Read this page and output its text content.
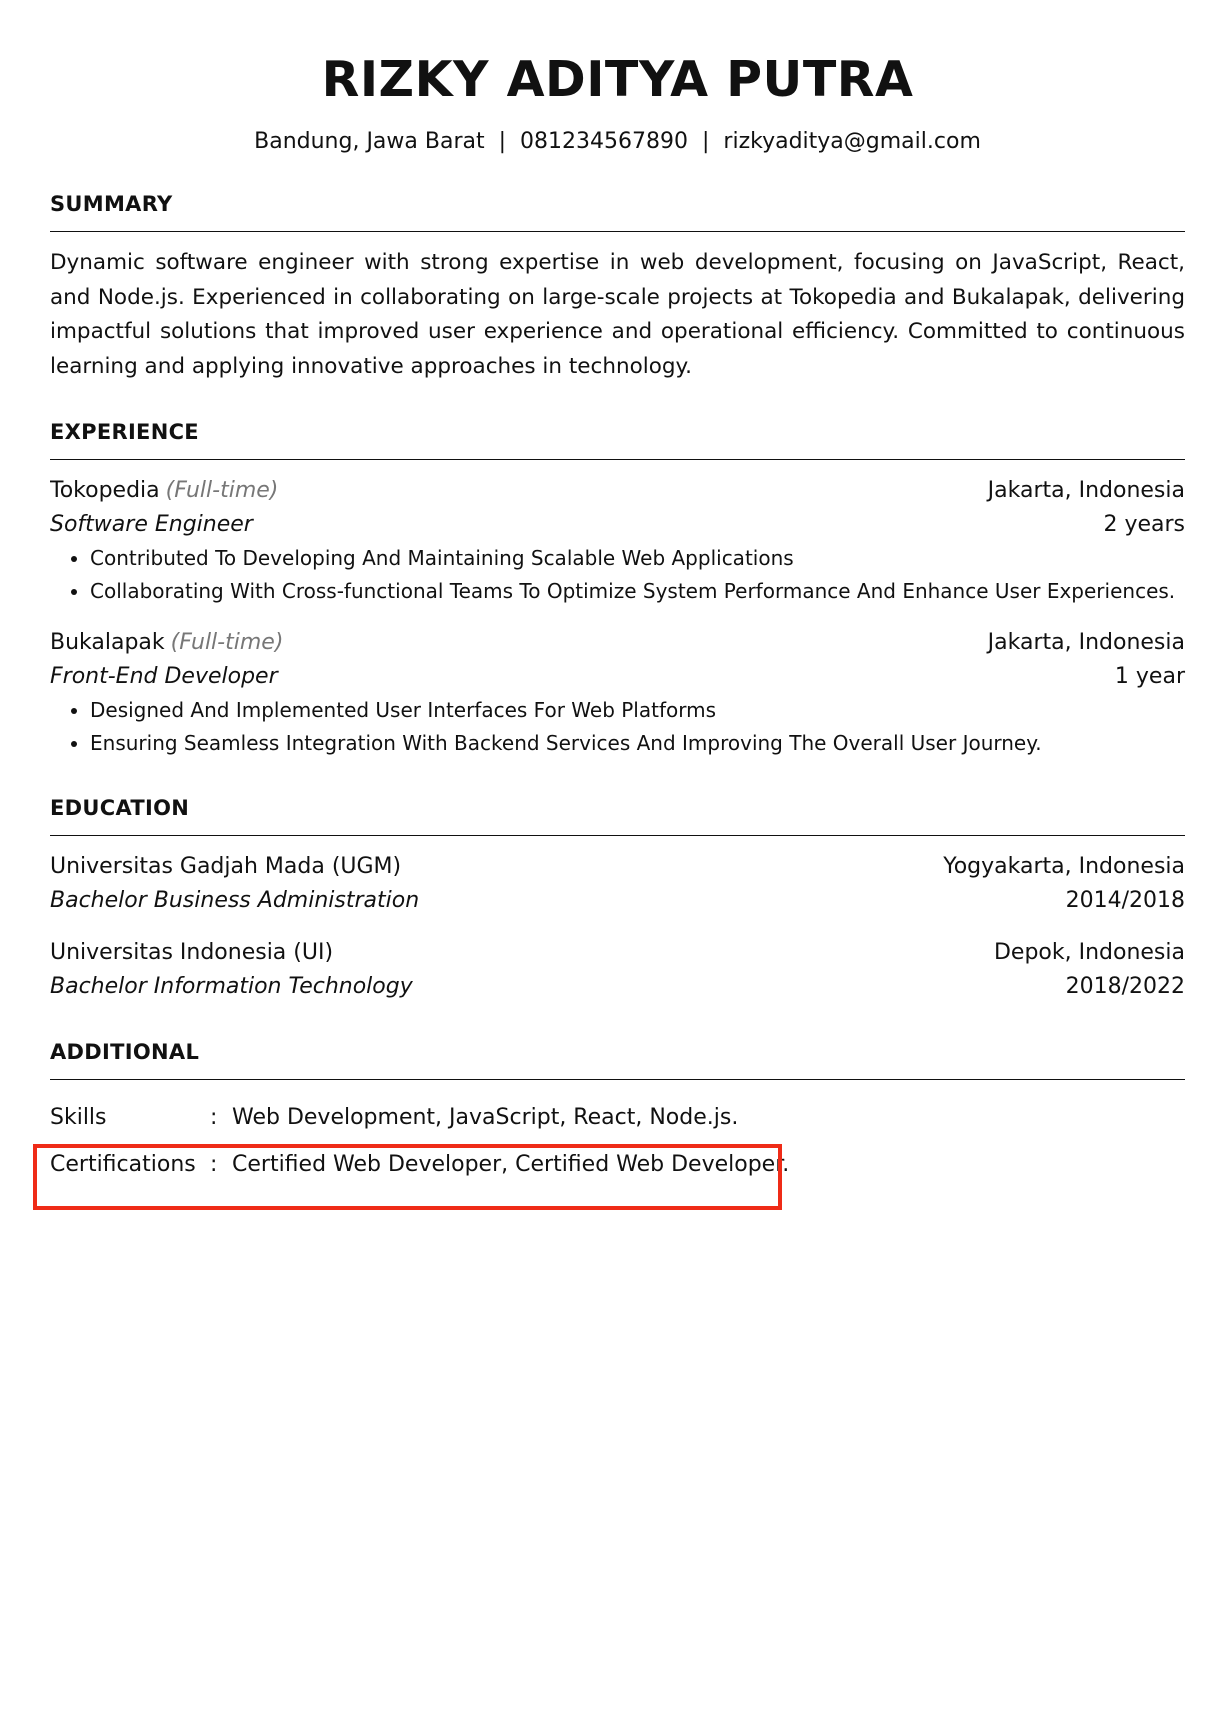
RIZKY ADITYA PUTRA
Bandung, Jawa Barat | 081234567890 | rizkyaditya@gmail.com
SUMMARY
Dynamic software engineer with strong expertise in web development, focusing on JavaScript, React, and Node.js. Experienced in collaborating on large-scale projects at Tokopedia and Bukalapak, delivering impactful solutions that improved user experience and operational efficiency. Committed to continuous learning and applying innovative approaches in technology.
EXPERIENCE
Tokopedia (Full-time)	Jakarta, Indonesia
Software Engineer	2 years
• Contributed To Developing And Maintaining Scalable Web Applications
• Collaborating With Cross-functional Teams To Optimize System Performance And Enhance User Experiences.
Bukalapak (Full-time)	Jakarta, Indonesia
Front-End Developer	1 year
• Designed And Implemented User Interfaces For Web Platforms
• Ensuring Seamless Integration With Backend Services And Improving The Overall User Journey.
EDUCATION
Universitas Gadjah Mada (UGM)	Yogyakarta, Indonesia
Bachelor Business Administration	2014/2018
Universitas Indonesia (UI)	Depok, Indonesia
Bachelor Information Technology	2018/2022
ADDITIONAL
Skills	: Web Development, JavaScript, React, Node.js.
Certifications : Certified Web Developer, Certified Web Developer.
